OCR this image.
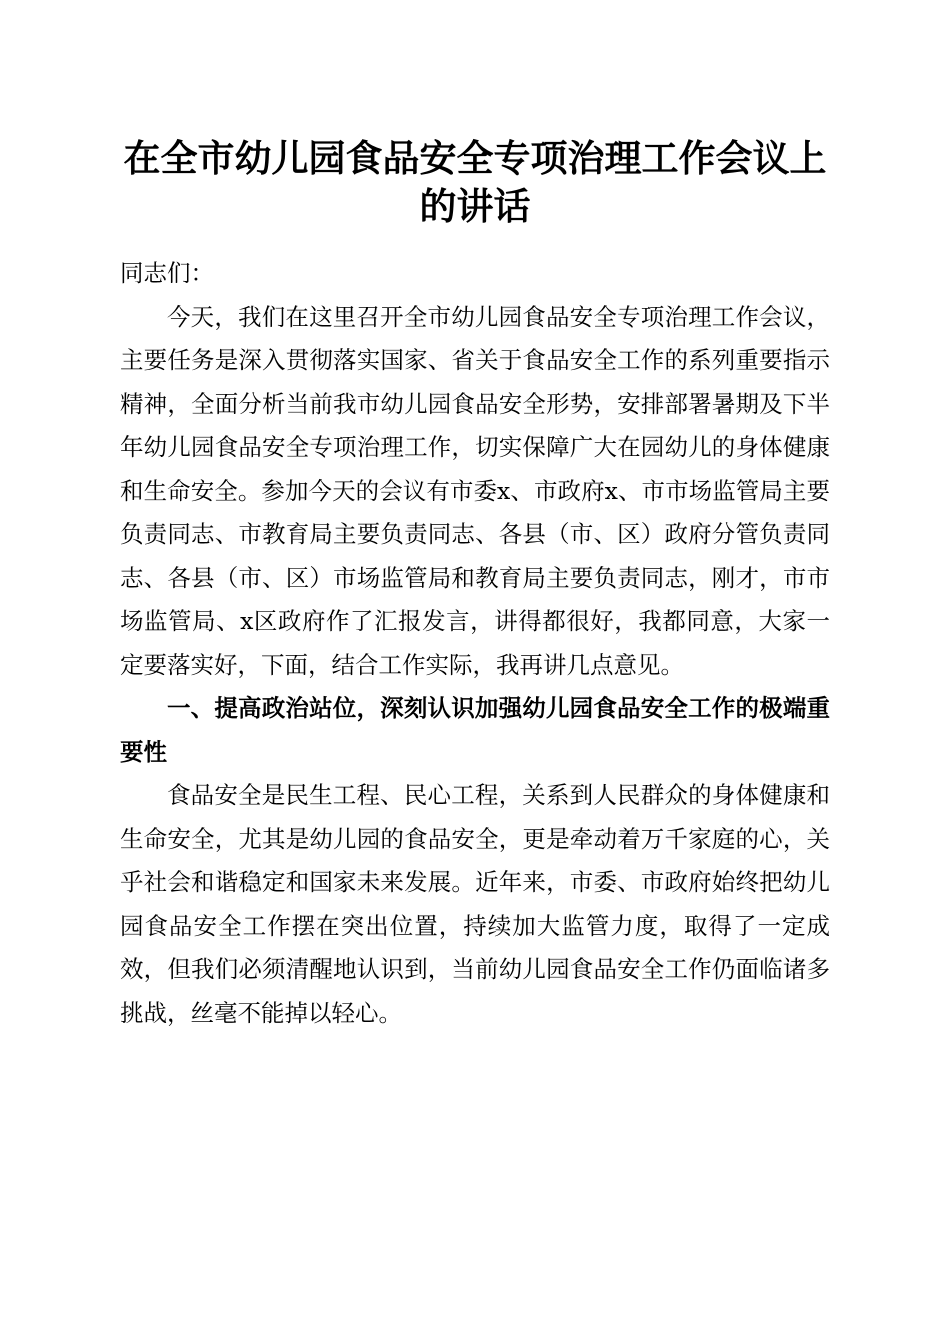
在全市幼儿园食品安全专项治理工作会议上的讲话

同志们：

今天，我们在这里召开全市幼儿园食品安全专项治理工作会议，主要任务是深入贯彻落实国家、省关于食品安全工作的系列重要指示精神，全面分析当前我市幼儿园食品安全形势，安排部署暑期及下半年幼儿园食品安全专项治理工作，切实保障广大在园幼儿的身体健康和生命安全。参加今天的会议有市委x、市政府x、市市场监管局主要负责同志、市教育局主要负责同志、各县（市、区）政府分管负责同志、各县（市、区）市场监管局和教育局主要负责同志，刚才，市市场监管局、x区政府作了汇报发言，讲得都很好，我都同意，大家一定要落实好，下面，结合工作实际，我再讲几点意见。

一、提高政治站位，深刻认识加强幼儿园食品安全工作的极端重要性

食品安全是民生工程、民心工程，关系到人民群众的身体健康和生命安全，尤其是幼儿园的食品安全，更是牵动着万千家庭的心，关乎社会和谐稳定和国家未来发展。近年来，市委、市政府始终把幼儿园食品安全工作摆在突出位置，持续加大监管力度，取得了一定成效，但我们必须清醒地认识到，当前幼儿园食品安全工作仍面临诸多挑战，丝毫不能掉以轻心。
